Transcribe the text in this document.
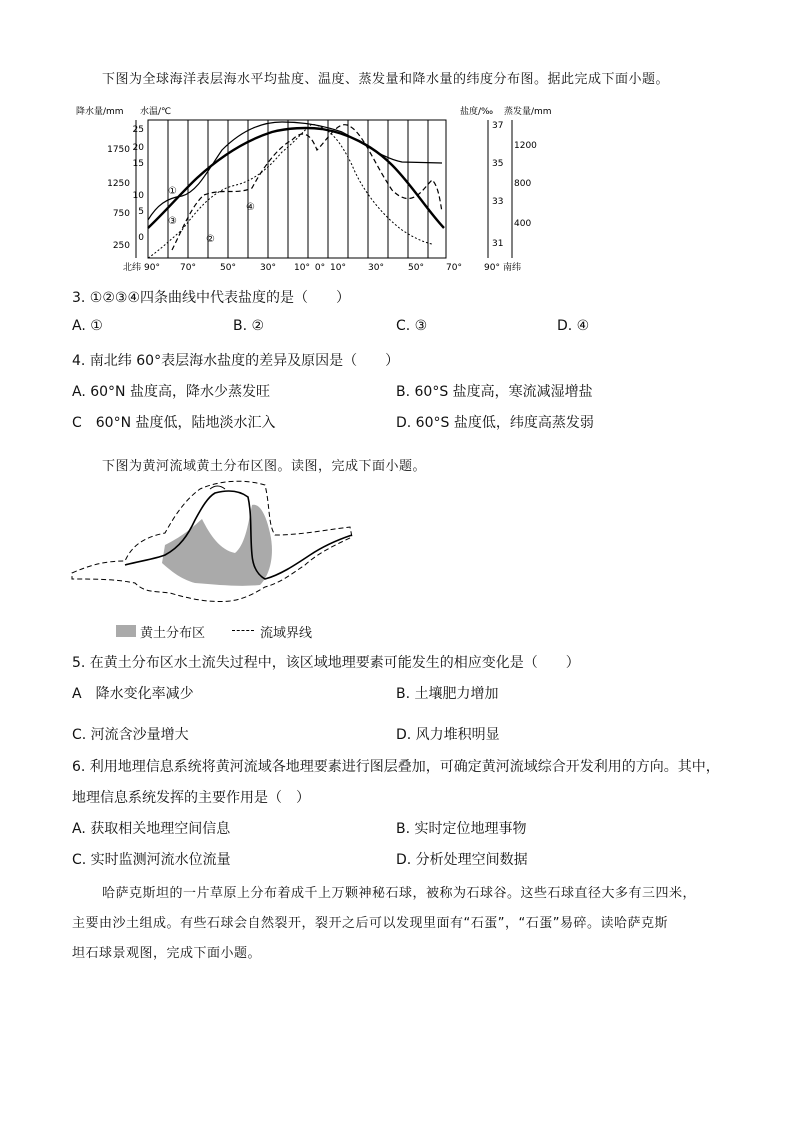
下图为全球海洋表层海水平均盐度、温度、蒸发量和降水量的纬度分布图。据此完成下面小题。
降水量/mm 水温/℃	盐度/‰ 蒸发量/mm
1750
1250
750
250
25
20
15
10
5
0
①
②
③
④
37
35
33
31
1200
800
400
北纬 90° 70°	50°	30° 10° 0° 10° 30°	50° 70° 90° 南纬
3. ①②③④四条曲线中代表盐度的是（　　）
A. ①	B. ②	C. ③	D. ④
4. 南北纬 60°表层海水盐度的差异及原因是（　　）
A. 60°N 盐度高，降水少蒸发旺	B. 60°S 盐度高，寒流减湿增盐
C　60°N 盐度低，陆地淡水汇入	D. 60°S 盐度低，纬度高蒸发弱
下图为黄河流域黄土分布区图。读图，完成下面小题。
黄土分布区	流域界线
5. 在黄土分布区水土流失过程中，该区域地理要素可能发生的相应变化是（　　）
A　降水变化率减少	B. 土壤肥力增加
C. 河流含沙量增大	D. 风力堆积明显
6. 利用地理信息系统将黄河流域各地理要素进行图层叠加，可确定黄河流域综合开发利用的方向。其中，
地理信息系统发挥的主要作用是（　）
A. 获取相关地理空间信息	B. 实时定位地理事物
C. 实时监测河流水位流量	D. 分析处理空间数据
哈萨克斯坦的一片草原上分布着成千上万颗神秘石球，被称为石球谷。这些石球直径大多有三四米，
主要由沙土组成。有些石球会自然裂开，裂开之后可以发现里面有“石蛋”，“石蛋”易碎。读哈萨克斯
坦石球景观图，完成下面小题。
